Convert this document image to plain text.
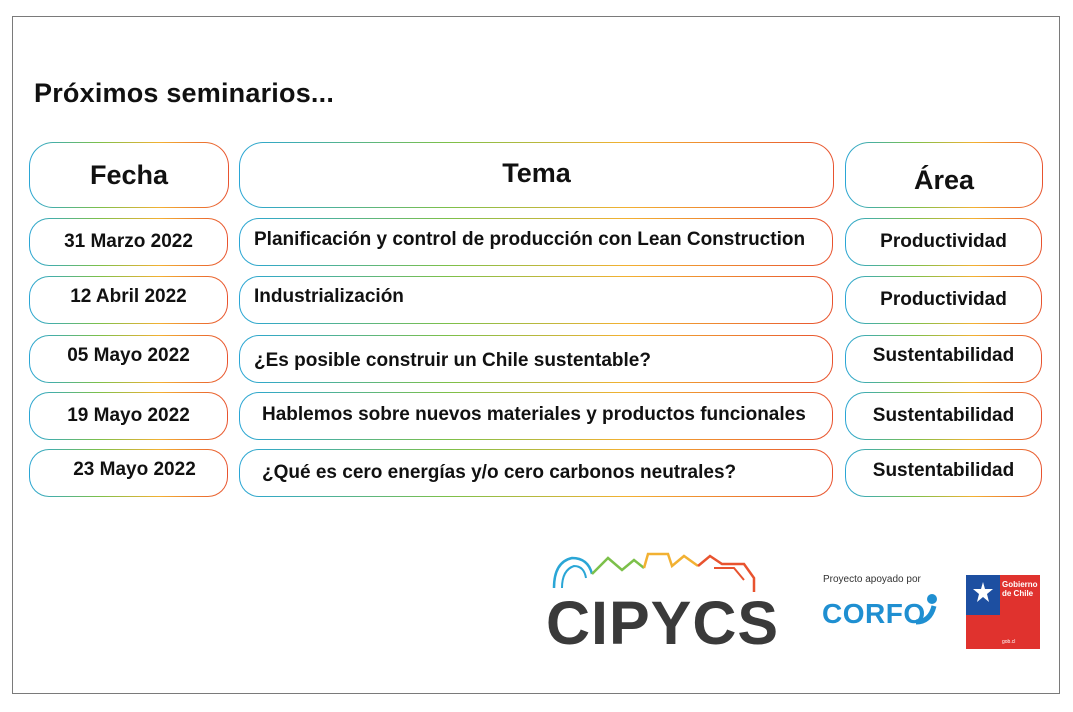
Próximos seminarios...
Fecha	Tema	Área
31 Marzo 2022	Planificación y control de producción con Lean Construction	Productividad
12 Abril 2022	Industrialización	Productividad
05 Mayo 2022	¿Es posible construir un Chile sustentable?	Sustentabilidad
19 Mayo 2022	Hablemos sobre nuevos materiales y productos funcionales	Sustentabilidad
23 Mayo 2022	¿Qué es cero energías y/o cero carbonos neutrales?	Sustentabilidad
CIPYCS
Proyecto apoyado por
CORFO
Gobierno
de Chile
gob.cl
